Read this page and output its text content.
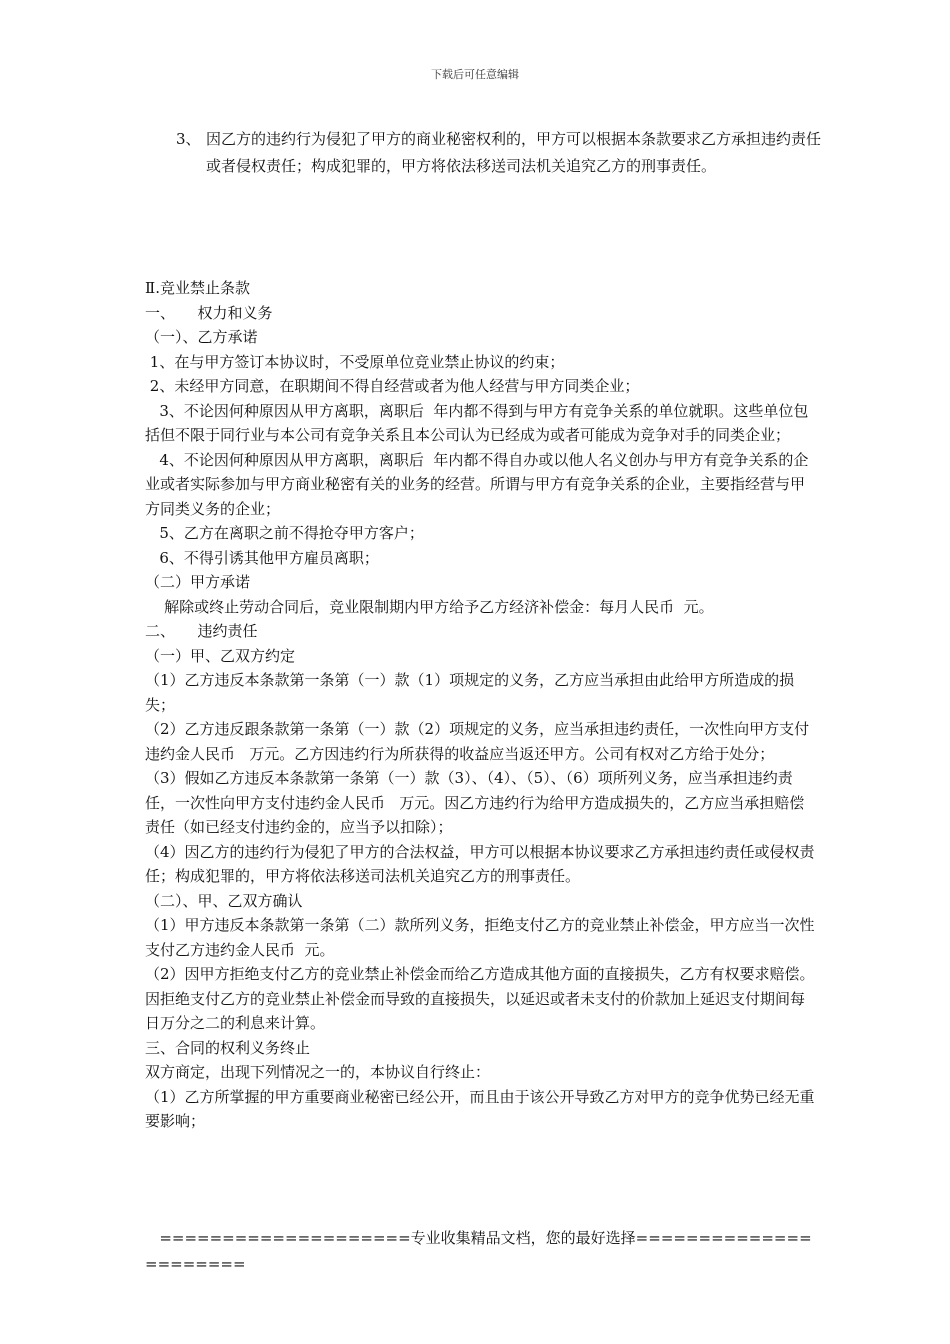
下载后可任意编辑
3、 因乙方的违约行为侵犯了甲方的商业秘密权利的，甲方可以根据本条款要求乙方承担违约责任或者侵权责任；构成犯罪的，甲方将依法移送司法机关追究乙方的刑事责任。

Ⅱ.竞业禁止条款

一、　　权力和义务

（一）、乙方承诺

1、在与甲方签订本协议时，不受原单位竞业禁止协议的约束；

2、未经甲方同意，在职期间不得自经营或者为他人经营与甲方同类企业；

3、不论因何种原因从甲方离职，离职后  年内都不得到与甲方有竞争关系的单位就职。这些单位包括但不限于同行业与本公司有竞争关系且本公司认为已经成为或者可能成为竞争对手的同类企业；

4、不论因何种原因从甲方离职，离职后  年内都不得自办或以他人名义创办与甲方有竞争关系的企业或者实际参加与甲方商业秘密有关的业务的经营。所谓与甲方有竞争关系的企业，主要指经营与甲方同类义务的企业；

5、乙方在离职之前不得抢夺甲方客户；

6、不得引诱其他甲方雇员离职；

（二）甲方承诺

解除或终止劳动合同后，竞业限制期内甲方给予乙方经济补偿金：每月人民币  元。

二、　　违约责任

（一）甲、乙双方约定

（1）乙方违反本条款第一条第（一）款（1）项规定的义务，乙方应当承担由此给甲方所造成的损失；

（2）乙方违反跟条款第一条第（一）款（2）项规定的义务，应当承担违约责任，一次性向甲方支付违约金人民币   万元。乙方因违约行为所获得的收益应当返还甲方。公司有权对乙方给于处分；

（3）假如乙方违反本条款第一条第（一）款（3）、（4）、（5）、（6）项所列义务，应当承担违约责任，一次性向甲方支付违约金人民币   万元。因乙方违约行为给甲方造成损失的，乙方应当承担赔偿责任（如已经支付违约金的，应当予以扣除）；

（4）因乙方的违约行为侵犯了甲方的合法权益，甲方可以根据本协议要求乙方承担违约责任或侵权责任；构成犯罪的，甲方将依法移送司法机关追究乙方的刑事责任。

（二）、甲、乙双方确认

（1）甲方违反本条款第一条第（二）款所列义务，拒绝支付乙方的竞业禁止补偿金，甲方应当一次性支付乙方违约金人民币  元。

（2）因甲方拒绝支付乙方的竞业禁止补偿金而给乙方造成其他方面的直接损失，乙方有权要求赔偿。因拒绝支付乙方的竞业禁止补偿金而导致的直接损失，以延迟或者未支付的价款加上延迟支付期间每日万分之二的利息来计算。

三、合同的权利义务终止

双方商定，出现下列情况之一的，本协议自行终止：

（1）乙方所掌握的甲方重要商业秘密已经公开，而且由于该公开导致乙方对甲方的竞争优势已经无重要影响；

====================专业收集精品文档，您的最好选择======================
